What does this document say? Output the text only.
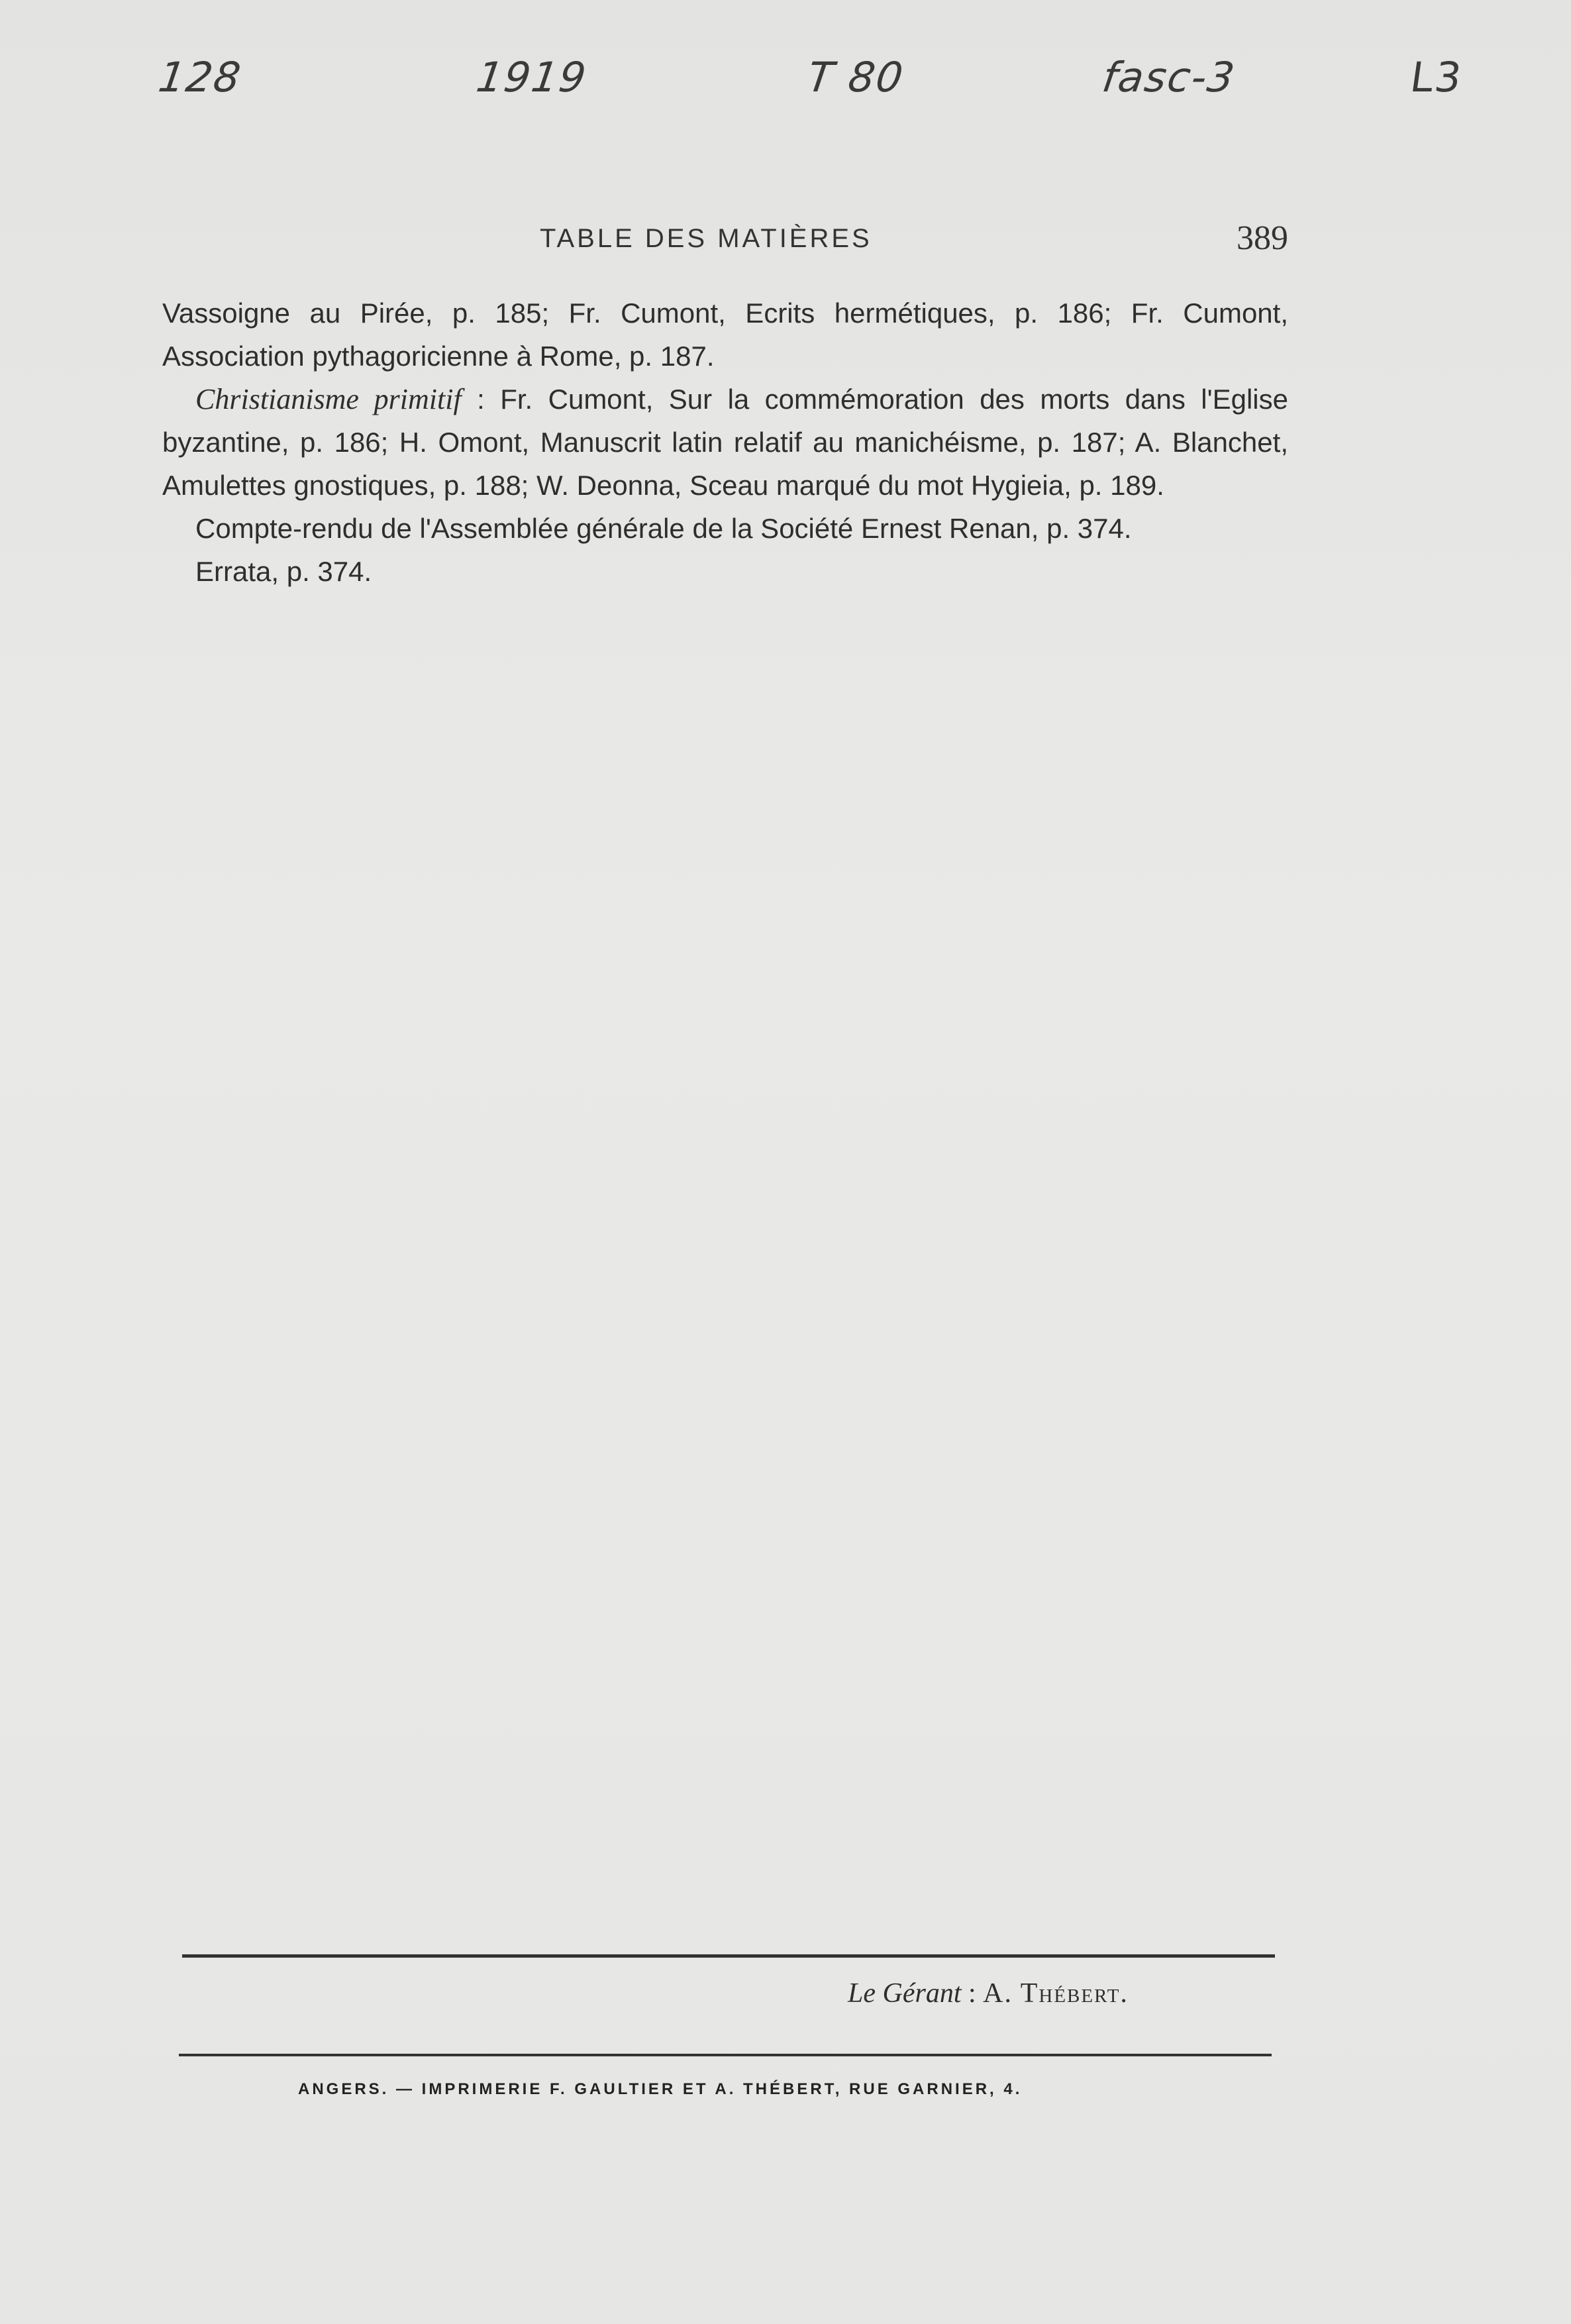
128	1919	T 80	fasc-3	L3
TABLE DES MATIÈRES	389

Vassoigne au Pirée, p. 185; Fr. Cumont, Ecrits hermétiques, p. 186; Fr. Cumont, Association pythagoricienne à Rome, p. 187.

Christianisme primitif : Fr. Cumont, Sur la commémoration des morts dans l'Eglise byzantine, p. 186; H. Omont, Manuscrit latin relatif au manichéisme, p. 187; A. Blanchet, Amulettes gnostiques, p. 188; W. Deonna, Sceau marqué du mot Hygieia, p. 189.

Compte-rendu de l'Assemblée générale de la Société Ernest Renan, p. 374.

Errata, p. 374.

Le Gérant : A. Thébert.
ANGERS. — IMPRIMERIE F. GAULTIER ET A. THÉBERT, RUE GARNIER, 4.
